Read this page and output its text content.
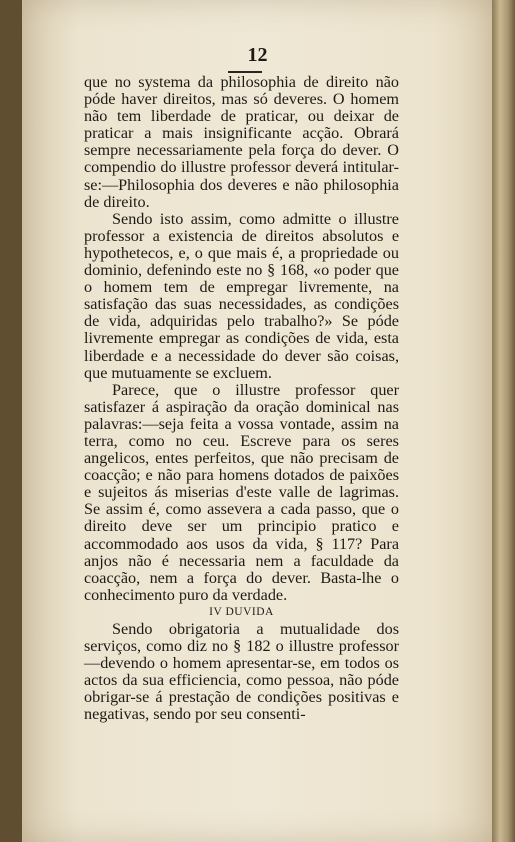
12

que no systema da philosophia de direito não póde haver direitos, mas só deveres. O homem não tem liberdade de praticar, ou deixar de praticar a mais insignificante acção. Obrará sempre necessariamente pela força do dever. O compendio do illustre professor deverá intitular-se:—Philosophia dos deveres e não philosophia de direito.

Sendo isto assim, como admitte o illustre professor a existencia de direitos absolutos e hypothetecos, e, o que mais é, a propriedade ou dominio, defenindo este no § 168, «o poder que o homem tem de empregar livremente, na satisfação das suas necessidades, as condições de vida, adquiridas pelo trabalho?» Se póde livremente empregar as condições de vida, esta liberdade e a necessidade do dever são coisas, que mutuamente se excluem.

Parece, que o illustre professor quer satisfazer á aspiração da oração dominical nas palavras:—seja feita a vossa vontade, assim na terra, como no ceu. Escreve para os seres angelicos, entes perfeitos, que não precisam de coacção; e não para homens dotados de paixões e sujeitos ás miserias d'este valle de lagrimas. Se assim é, como assevera a cada passo, que o direito deve ser um principio pratico e accommodado aos usos da vida, § 117? Para anjos não é necessaria nem a faculdade da coacção, nem a força do dever. Basta-lhe o conhecimento puro da verdade.

IV DUVIDA

Sendo obrigatoria a mutualidade dos serviços, como diz no § 182 o illustre professor—devendo o homem apresentar-se, em todos os actos da sua efficiencia, como pessoa, não póde obrigar-se á prestação de condições positivas e negativas, sendo por seu consenti-
